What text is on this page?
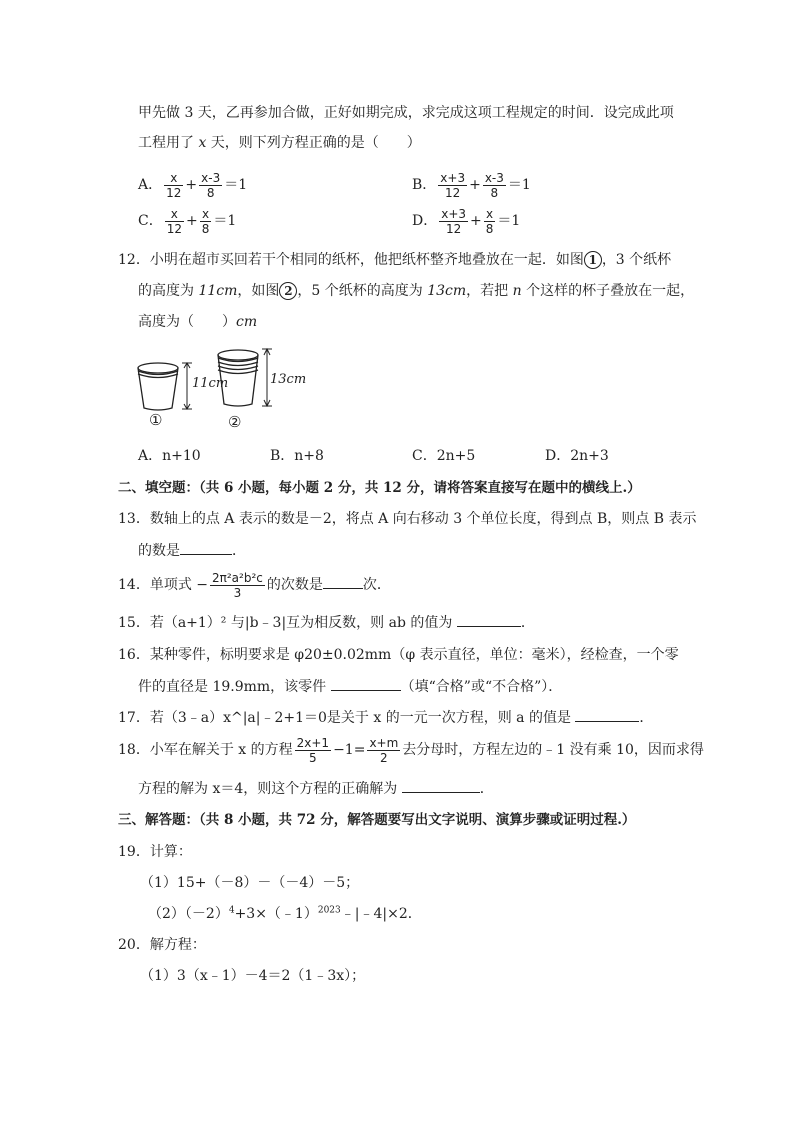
甲先做 3 天，乙再参加合做，正好如期完成，求完成这项工程规定的时间．设完成此项
工程用了 x 天，则下列方程正确的是（　　）
A． $\frac{x}{12} + \frac{x-3}{8} =1$	B． $\frac{x+3}{12} + \frac{x-3}{8} =1$
C． $\frac{x}{12} + \frac{x}{8} =1$	D． $\frac{x+3}{12} + \frac{x}{8} =1$
12．小明在超市买回若干个相同的纸杯，他把纸杯整齐地叠放在一起．如图 1 ，3 个纸杯
的高度为 11cm，如图 2 ，5 个纸杯的高度为 13cm，若把 n 个这样的杯子叠放在一起，
高度为（　　）cm
11cm	13cm
①	②
A．n+10	B．n+8	C．2n+5	D．2n+3
二、填空题：（共 6 小题，每小题 2 分，共 12 分，请将答案直接写在题中的横线上.）
13．数轴上的点 A 表示的数是－2，将点 A 向右移动 3 个单位长度，得到点 B，则点 B 表示
的数是	．
14．单项式 − $\frac{\text{2π²a²b²c}}{3}$ 的次数是	次．
15．若（a+1）² 与|b﹣3|互为相反数，则 ab 的值为	．
16．某种零件，标明要求是 φ20±0.02mm（φ 表示直径，单位：毫米），经检查，一个零
件的直径是 19.9mm，该零件	（填“合格”或“不合格”）．
17．若（3﹣a）x^|a|﹣2+1＝0是关于 x 的一元一次方程，则 a 的值是	．
18．小军在解关于 x 的方程 $\frac{2x+1}{5} -1= \frac{x+m}{2}$ 去分母时，方程左边的﹣1 没有乘 10，因而求得
方程的解为 x＝4，则这个方程的正确解为	．
三、解答题：（共 8 小题，共 72 分，解答题要写出文字说明、演算步骤或证明过程.）
19．计算：
（1）15+（－8）－（－4）－5；
$(2)(-2)^4+3\times(﹣1)^{2023}﹣|﹣4|\times 2$．
20．解方程：
（1）3（x﹣1）－4＝2（1﹣3x）；
